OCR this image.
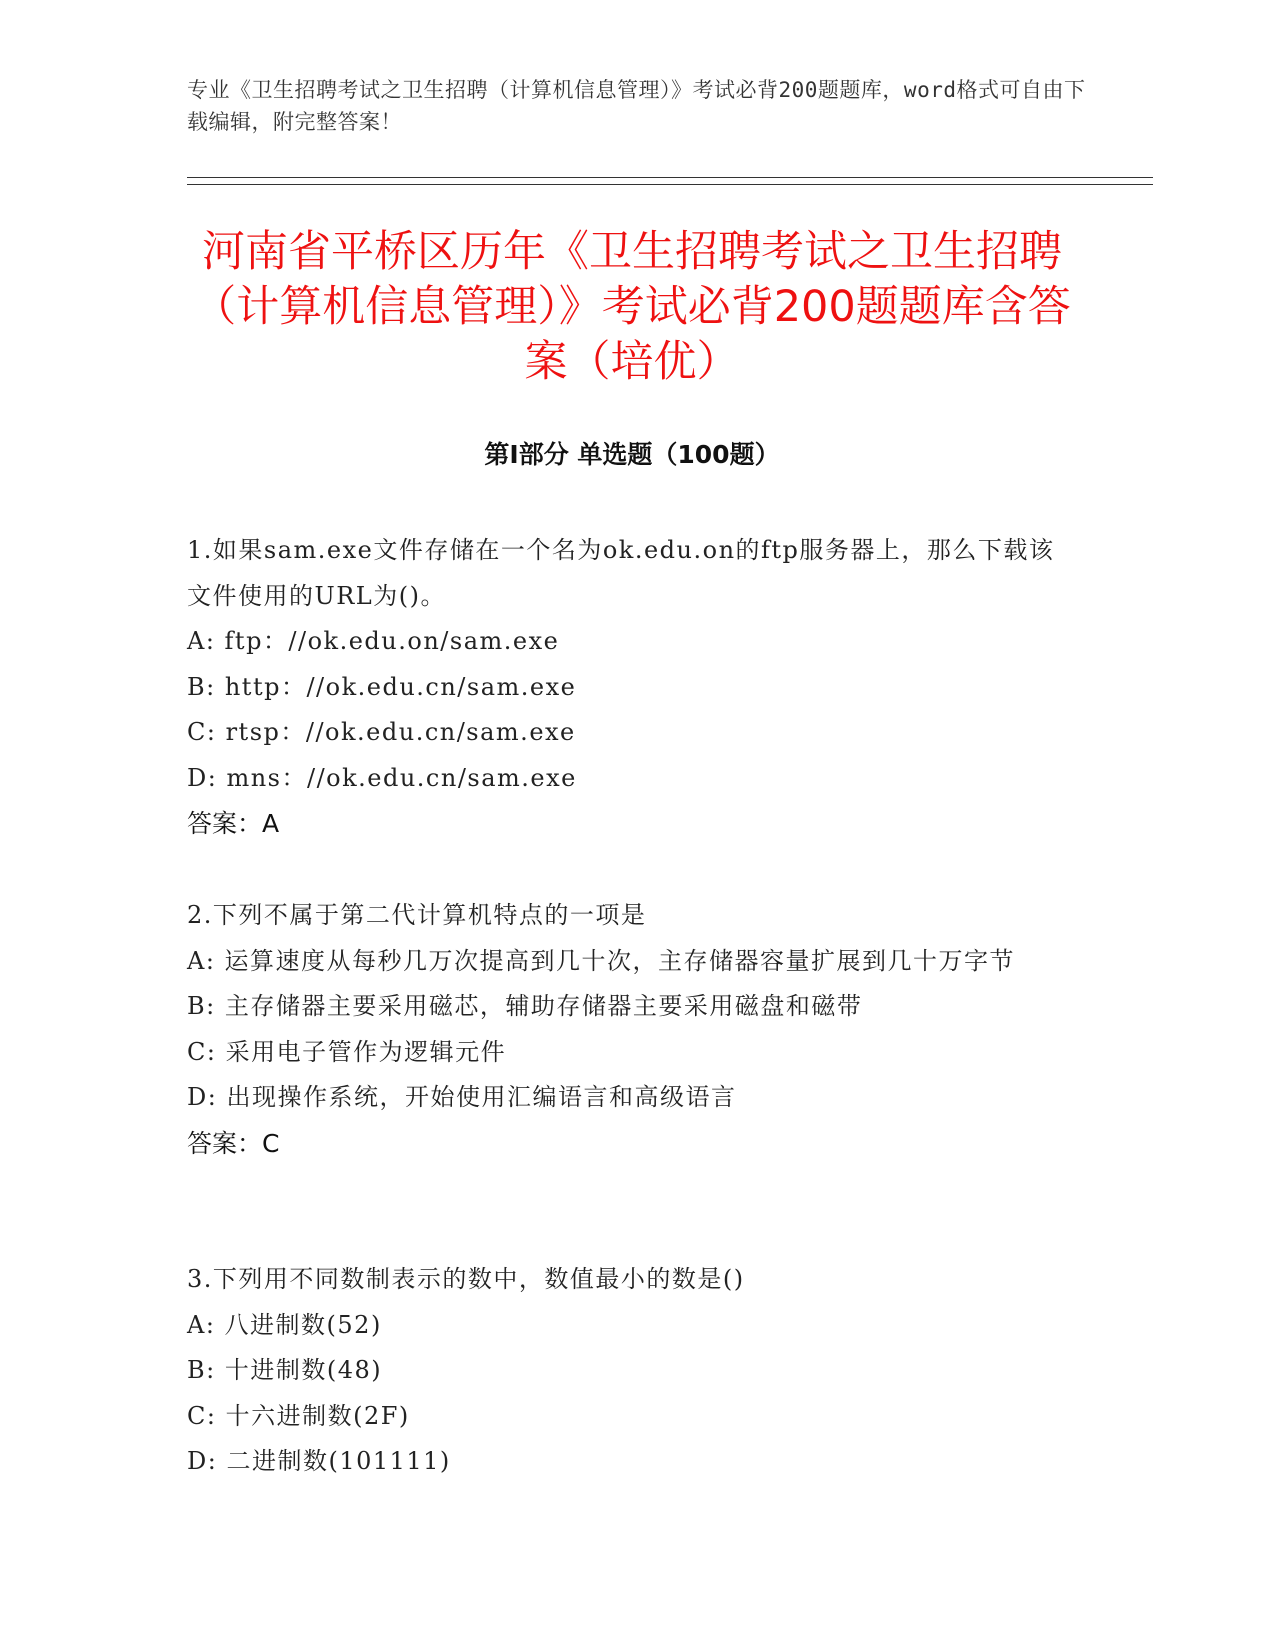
专业《卫生招聘考试之卫生招聘（计算机信息管理）》考试必背200题题库，word格式可自由下载编辑，附完整答案！
河南省平桥区历年《卫生招聘考试之卫生招聘（计算机信息管理）》考试必背200题题库含答案（培优）
第Ⅰ部分 单选题（100题）

1.如果sam.exe文件存储在一个名为ok.edu.on的ftp服务器上，那么下载该文件使用的URL为()。

A: ftp：//ok.edu.on/sam.exe

B: http：//ok.edu.cn/sam.exe

C: rtsp：//ok.edu.cn/sam.exe

D: mns：//ok.edu.cn/sam.exe

答案：A

2.下列不属于第二代计算机特点的一项是

A: 运算速度从每秒几万次提高到几十次，主存储器容量扩展到几十万字节

B: 主存储器主要采用磁芯，辅助存储器主要采用磁盘和磁带

C: 采用电子管作为逻辑元件

D: 出现操作系统，开始使用汇编语言和高级语言

答案：C

3.下列用不同数制表示的数中，数值最小的数是()

A: 八进制数(52)

B: 十进制数(48)

C: 十六进制数(2F)

D: 二进制数(101111)
